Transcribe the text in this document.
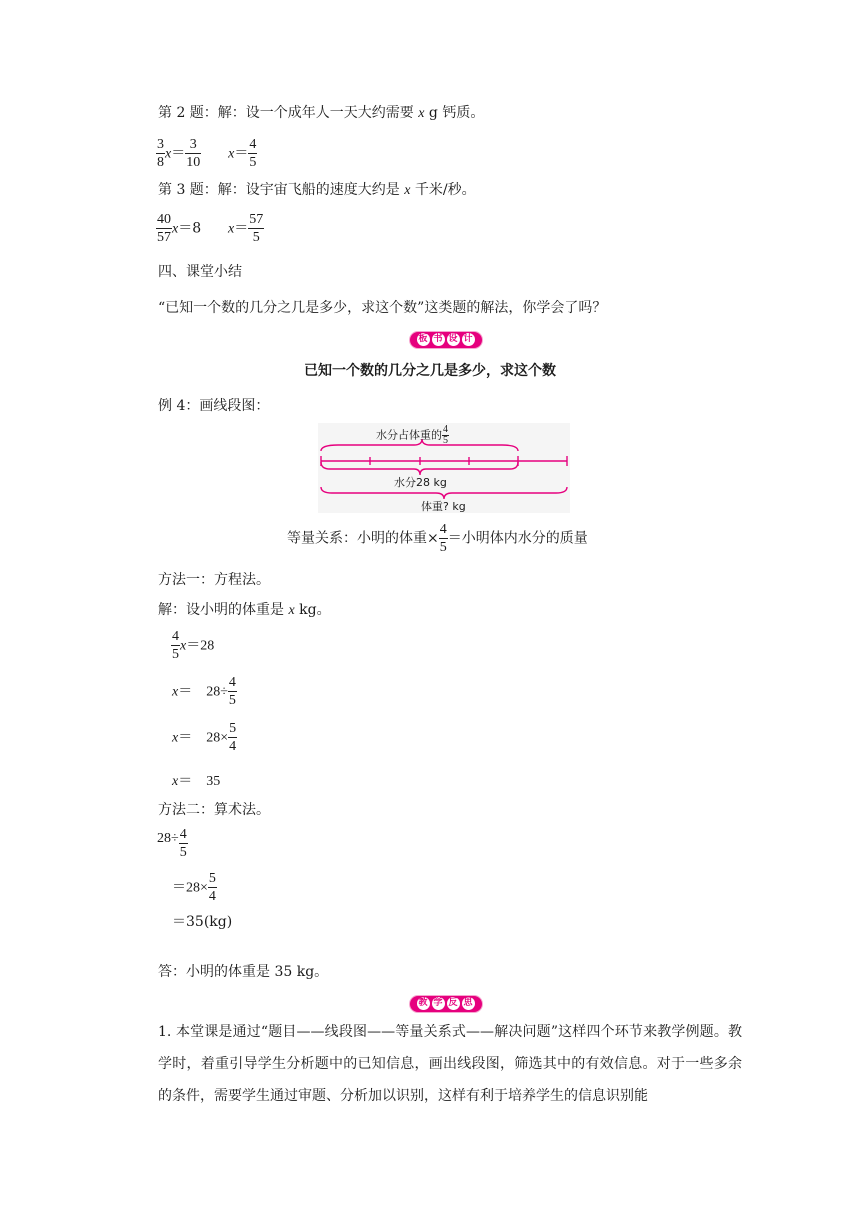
第 2 题：解：设一个成年人一天大约需要 x g 钙质。
$\frac{3}{8} x= \frac{3}{10} x= \frac{4}{5}$
第 3 题：解：设宇宙飞船的速度大约是 x 千米/秒。
$\frac{40}{57} x=8$ $x= \frac{57}{5}$
四、课堂小结
“已知一个数的几分之几是多少，求这个数”这类题的解法，你学会了吗？
板 书 设 计
已知一个数的几分之几是多少，求这个数
例 4：画线段图：
水分占体重的 $\frac{4}{5}$
水分28 kg
体重? kg
等量关系：小明的体重× $\frac{4}{5}$ ＝小明体内水分的质量
方法一：方程法。
解：设小明的体重是 x kg。
$\frac{4}{5} x=28$
$x= 28\div \frac{4}{5}$
$x= 28\times \frac{5}{4}$
x＝ 35
方法二：算术法。
$28\div \frac{4}{5}$
$=28\times \frac{5}{4}$
＝35(kg)
答：小明的体重是 35 kg。
教 学 反 思
1. 本堂课是通过“题目——线段图——等量关系式——解决问题”这样四个环节来教学例题。教学时，着重引导学生分析题中的已知信息，画出线段图，筛选其中的有效信息。对于一些多余的条件，需要学生通过审题、分析加以识别，这样有利于培养学生的信息识别能
